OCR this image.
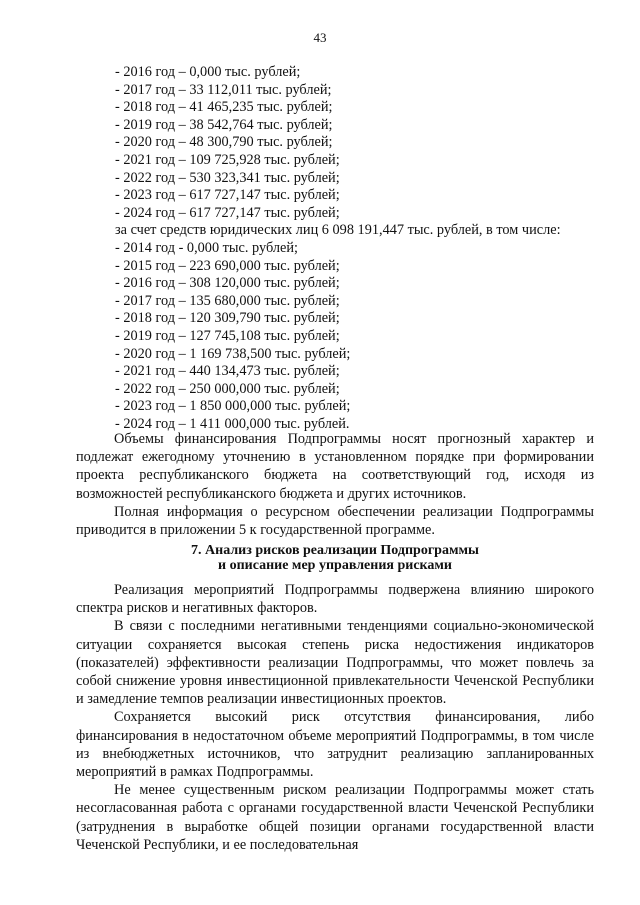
43
- 2016 год – 0,000 тыс. рублей;
- 2017 год – 33 112,011 тыс. рублей;
- 2018 год – 41 465,235 тыс. рублей;
- 2019 год – 38 542,764 тыс. рублей;
- 2020 год – 48 300,790 тыс. рублей;
- 2021 год – 109 725,928 тыс. рублей;
- 2022 год – 530 323,341 тыс. рублей;
- 2023 год – 617 727,147 тыс. рублей;
- 2024 год – 617 727,147 тыс. рублей;
за счет средств юридических лиц 6 098 191,447 тыс. рублей, в том числе:
- 2014 год - 0,000 тыс. рублей;
- 2015 год – 223 690,000 тыс. рублей;
- 2016 год – 308 120,000 тыс. рублей;
- 2017 год – 135 680,000 тыс. рублей;
- 2018 год – 120 309,790 тыс. рублей;
- 2019 год – 127 745,108 тыс. рублей;
- 2020 год – 1 169 738,500 тыс. рублей;
- 2021 год – 440 134,473 тыс. рублей;
- 2022 год – 250 000,000 тыс. рублей;
- 2023 год – 1 850 000,000 тыс. рублей;
- 2024 год – 1 411 000,000 тыс. рублей.

Объемы финансирования Подпрограммы носят прогнозный характер и подлежат ежегодному уточнению в установленном порядке при формировании проекта республиканского бюджета на соответствующий год, исходя из возможностей республиканского бюджета и других источников.

Полная информация о ресурсном обеспечении реализации Подпрограммы приводится в приложении 5 к государственной программе.

7. Анализ рисков реализации Подпрограммы
и описание мер управления рисками

Реализация мероприятий Подпрограммы подвержена влиянию широкого спектра рисков и негативных факторов.

В связи с последними негативными тенденциями социально-экономической ситуации сохраняется высокая степень риска недостижения индикаторов (показателей) эффективности реализации Подпрограммы, что может повлечь за собой снижение уровня инвестиционной привлекательности Чеченской Республики и замедление темпов реализации инвестиционных проектов.

Сохраняется высокий риск отсутствия финансирования, либо финансирования в недостаточном объеме мероприятий Подпрограммы, в том числе из внебюджетных источников, что затруднит реализацию запланированных мероприятий в рамках Подпрограммы.

Не менее существенным риском реализации Подпрограммы может стать несогласованная работа с органами государственной власти Чеченской Республики (затруднения в выработке общей позиции органами государственной власти Чеченской Республики, и ее последовательная
